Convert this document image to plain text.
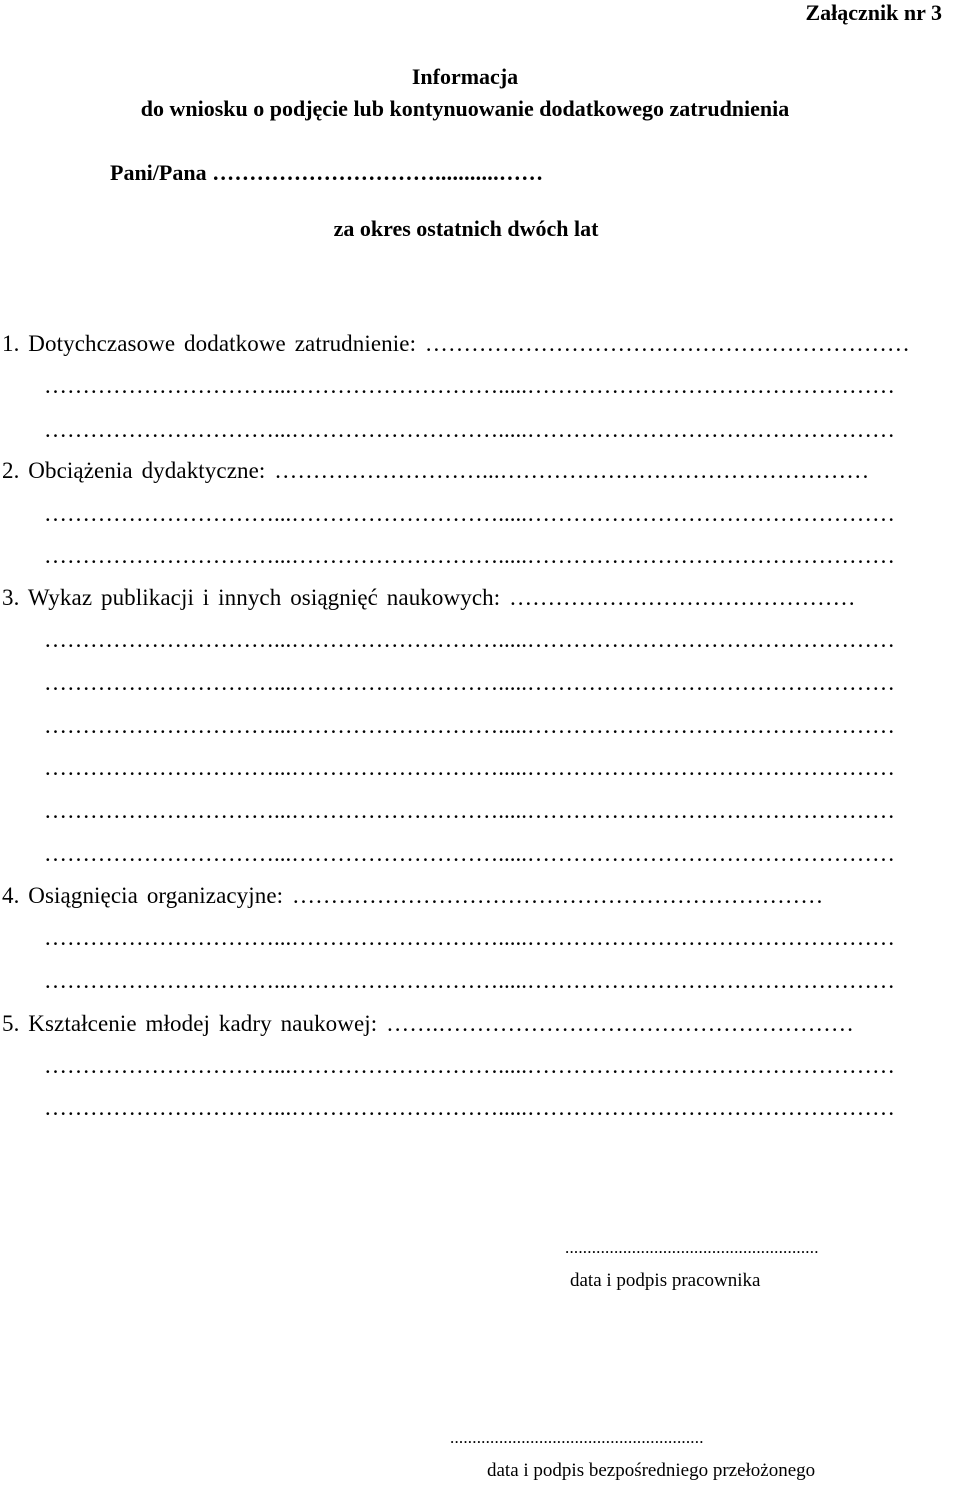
Załącznik nr 3
Informacja
do wniosku o podjęcie lub kontynuowanie dodatkowego zatrudnienia
Pani/Pana …………………………...........……
za okres ostatnich dwóch lat
1. Dotychczasowe dodatkowe zatrudnienie: ………………………………………………………
…………………………...……………………….....…………………………………………
…………………………...……………………….....…………………………………………
2. Obciążenia dydaktyczne: ………………………...…………………………………………
…………………………...……………………….....…………………………………………
…………………………...……………………….....…………………………………………
3. Wykaz publikacji i innych osiągnięć naukowych: ………………………………………
…………………………...……………………….....…………………………………………
…………………………...……………………….....…………………………………………
…………………………...……………………….....…………………………………………
…………………………...……………………….....…………………………………………
…………………………...……………………….....…………………………………………
…………………………...……………………….....…………………………………………
4. Osiągnięcia organizacyjne: ……………………………………………………………
…………………………...……………………….....…………………………………………
…………………………...……………………….....…………………………………………
5. Kształcenie młodej kadry naukowej: …….………………………………………………
…………………………...……………………….....…………………………………………
…………………………...……………………….....…………………………………………
.........................................................
data i podpis pracownika
.........................................................
data i podpis bezpośredniego przełożonego
